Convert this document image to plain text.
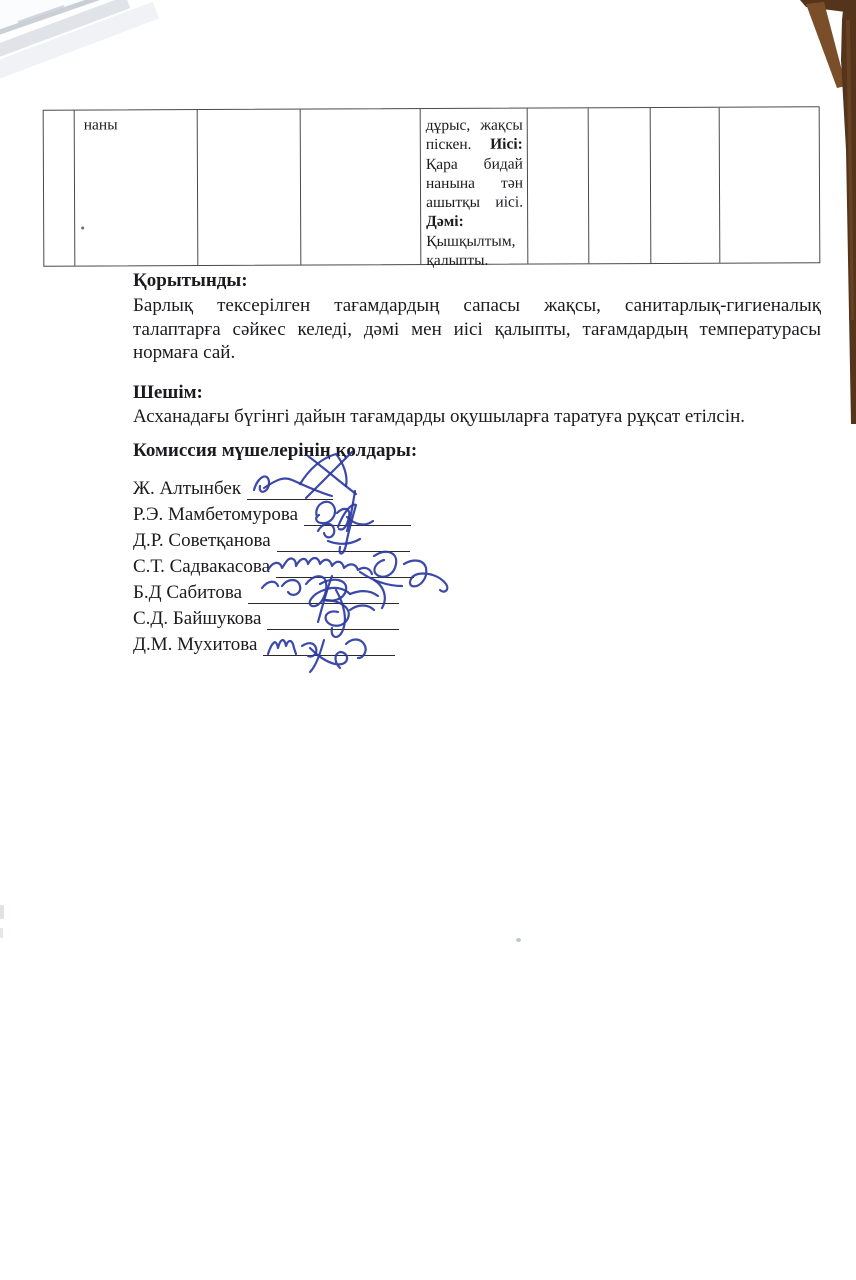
наны	дұрыс, жақсы
піскен. Иісі:
Қара бидай
нанына тән
ашытқы иісі.
Дәмі:
Қышқылтым,
қалыпты.
Қорытынды:
Барлық тексерілген тағамдардың сапасы жақсы, санитарлық-гигиеналық
талаптарға сәйкес келеді, дәмі мен иісі қалыпты, тағамдардың температурасы
нормаға сай.
Шешім:
Асханадағы бүгінгі дайын тағамдарды оқушыларға таратуға рұқсат етілсін.
Комиссия мүшелерінің қолдары:
Ж. Алтынбек
Р.Э. Мамбетомурова
Д.Р. Советқанова
С.Т. Садвакасова
Б.Д Сабитова
С.Д. Байшукова
Д.М. Мухитова
